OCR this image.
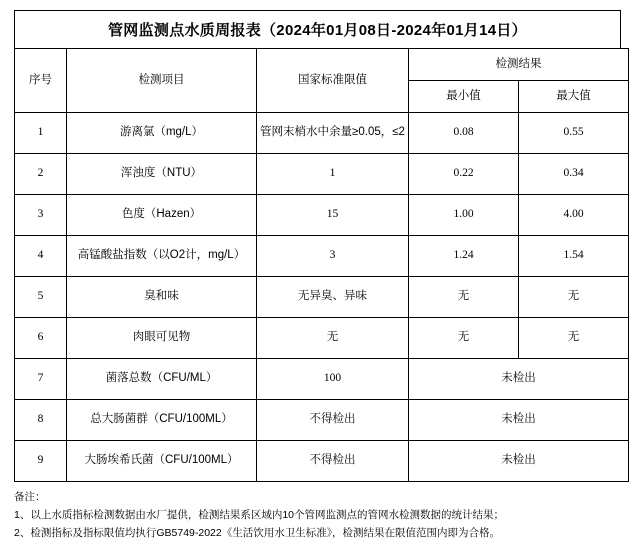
管网监测点水质周报表（2024年01月08日-2024年01月14日）
序号	检测项目	国家标准限值	检测结果	
			最小值	最大值
1	游离氯（mg/L）	管网末梢水中余量≥0.05，≤2	0.08	0.55
2	浑浊度（NTU）	1	0.22	0.34
3	色度（Hazen）	15	1.00	4.00
4	高锰酸盐指数（以O2计，mg/L）	3	1.24	1.54
5	臭和味	无异臭、异味	无	无
6	肉眼可见物	无	无	无
7	菌落总数（CFU/ML）	100	未检出	
8	总大肠菌群（CFU/100ML）	不得检出	未检出	
9	大肠埃希氏菌（CFU/100ML）	不得检出	未检出	
备注：
1、以上水质指标检测数据由水厂提供，检测结果系区域内10个管网监测点的管网水检测数据的统计结果；
2、检测指标及指标限值均执行GB5749-2022《生活饮用水卫生标准》，检测结果在限值范围内即为合格。
